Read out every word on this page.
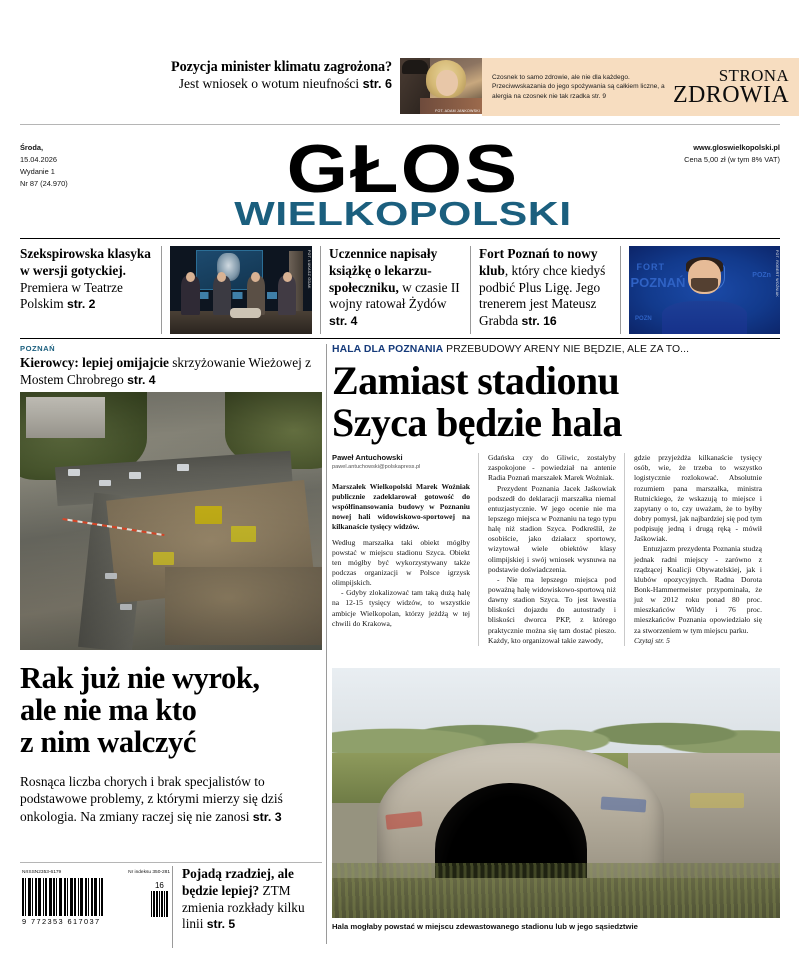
Pozycja minister klimatu zagrożona?
Jest wniosek o wotum nieufności str. 6
FOT. ADAM JANKOWSKI
Czosnek to samo zdrowie, ale nie dla każdego. Przeciwwskazania do jego spożywania są całkiem liczne, a alergia na czosnek nie tak rzadka str. 9
STRONA
ZDROWIA
Środa,
15.04.2026
Wydanie 1
Nr 87 (24.970)
www.gloswielkopolski.pl
Cena 5,00 zł (w tym 8% VAT)
GŁOS
WIELKOPOLSKI
Szekspirowska klasyka w wersji gotyckiej. Premiera w Teatrze Polskim str. 2
FOT. ŁUKASZ GDAK Uczennice napisały książkę o lekarzu-społeczniku, w czasie II wojny ratował Żydów str. 4
Fort Poznań to nowy klub, który chce kiedyś podbić Plus Ligę. Jego trenerem jest Mateusz Grabda str. 16
FORT
POZNAŃ	POZn
POZN
FOT. ROBERT WOŹNIAK
POZNAŃ
Kierowcy: lepiej omijajcie skrzyżowanie Wieżowej z Mostem Chrobrego str. 4
Rak już nie wyrok,
ale nie ma kto
z nim walczyć
Rosnąca liczba chorych i brak specjalistów to podstawowe problemy, z którymi mierzy się dziś onkologia. Na zmiany raczej się nie zanosi str. 3
NrISSN2353-6179	Nr indeksu 350-281
9 772353 617037
16
Pojadą rzadziej, ale będzie lepiej? ZTM zmienia rozkłady kilku linii str. 5
HALA DLA POZNANIA PRZEBUDOWY ARENY NIE BĘDZIE, ALE ZA TO...
Zamiast stadionu
Szyca będzie hala
Paweł Antuchowski
pawel.antuchowski@polskapress.pl

Marszałek Wielkopolski Marek Woźniak publicznie zadeklarował gotowość do współfinansowania budowy w Poznaniu nowej hali widowiskowo-sportowej na kilkanaście tysięcy widzów.

Według marszałka taki obiekt mógłby powstać w miejscu stadionu Szyca. Obiekt ten mógłby być wykorzystywany także podczas organizacji w Polsce igrzysk olimpijskich.

- Gdyby zlokalizować tam taką dużą halę na 12-15 tysięcy widzów, to wszystkie ambicje Wielkopolan, którzy jeżdżą w tej chwili do Krakowa,

Gdańska czy do Gliwic, zostałyby zaspokojone - powiedział na antenie Radia Poznań marszałek Marek Woźniak.

Prezydent Poznania Jacek Jaśkowiak podszedł do deklaracji marszałka niemal entuzjastycznie. W jego ocenie nie ma lepszego miejsca w Poznaniu na tego typu halę niż stadion Szyca. Podkreślił, że osobiście, jako działacz sportowy, wizytował wiele obiektów klasy olimpijskiej i swój wniosek wysnuwa na podstawie doświadczenia.

- Nie ma lepszego miejsca pod poważną halę widowiskowo-sportową niż dawny stadion Szyca. To jest kwestia bliskości dojazdu do autostrady i bliskości dworca PKP, z którego praktycznie można się tam dostać pieszo. Każdy, kto organizował takie zawody,

gdzie przyjeżdża kilkanaście tysięcy osób, wie, że trzeba to wszystko logistycznie rozlokować. Absolutnie rozumiem pana marszałka, ministra Rutnickiego, że wskazują to miejsce i zapytany o to, czy uważam, że to byłby dobry pomysł, jak najbardziej się pod tym podpisuję jedną i drugą ręką - mówił Jaśkowiak.

Entuzjazm prezydenta Poznania studzą jednak radni miejscy - zarówno z rządzącej Koalicji Obywatelskiej, jak i klubów opozycyjnych. Radna Dorota Bonk-Hammermeister przypominała, że już w 2012 roku ponad 80 proc. mieszkańców Wildy i 76 proc. mieszkańców Poznania opowiedziało się za stworzeniem w tym miejscu parku.

Czytaj str. 5

Hala mogłaby powstać w miejscu zdewastowanego stadionu lub w jego sąsiedztwie
